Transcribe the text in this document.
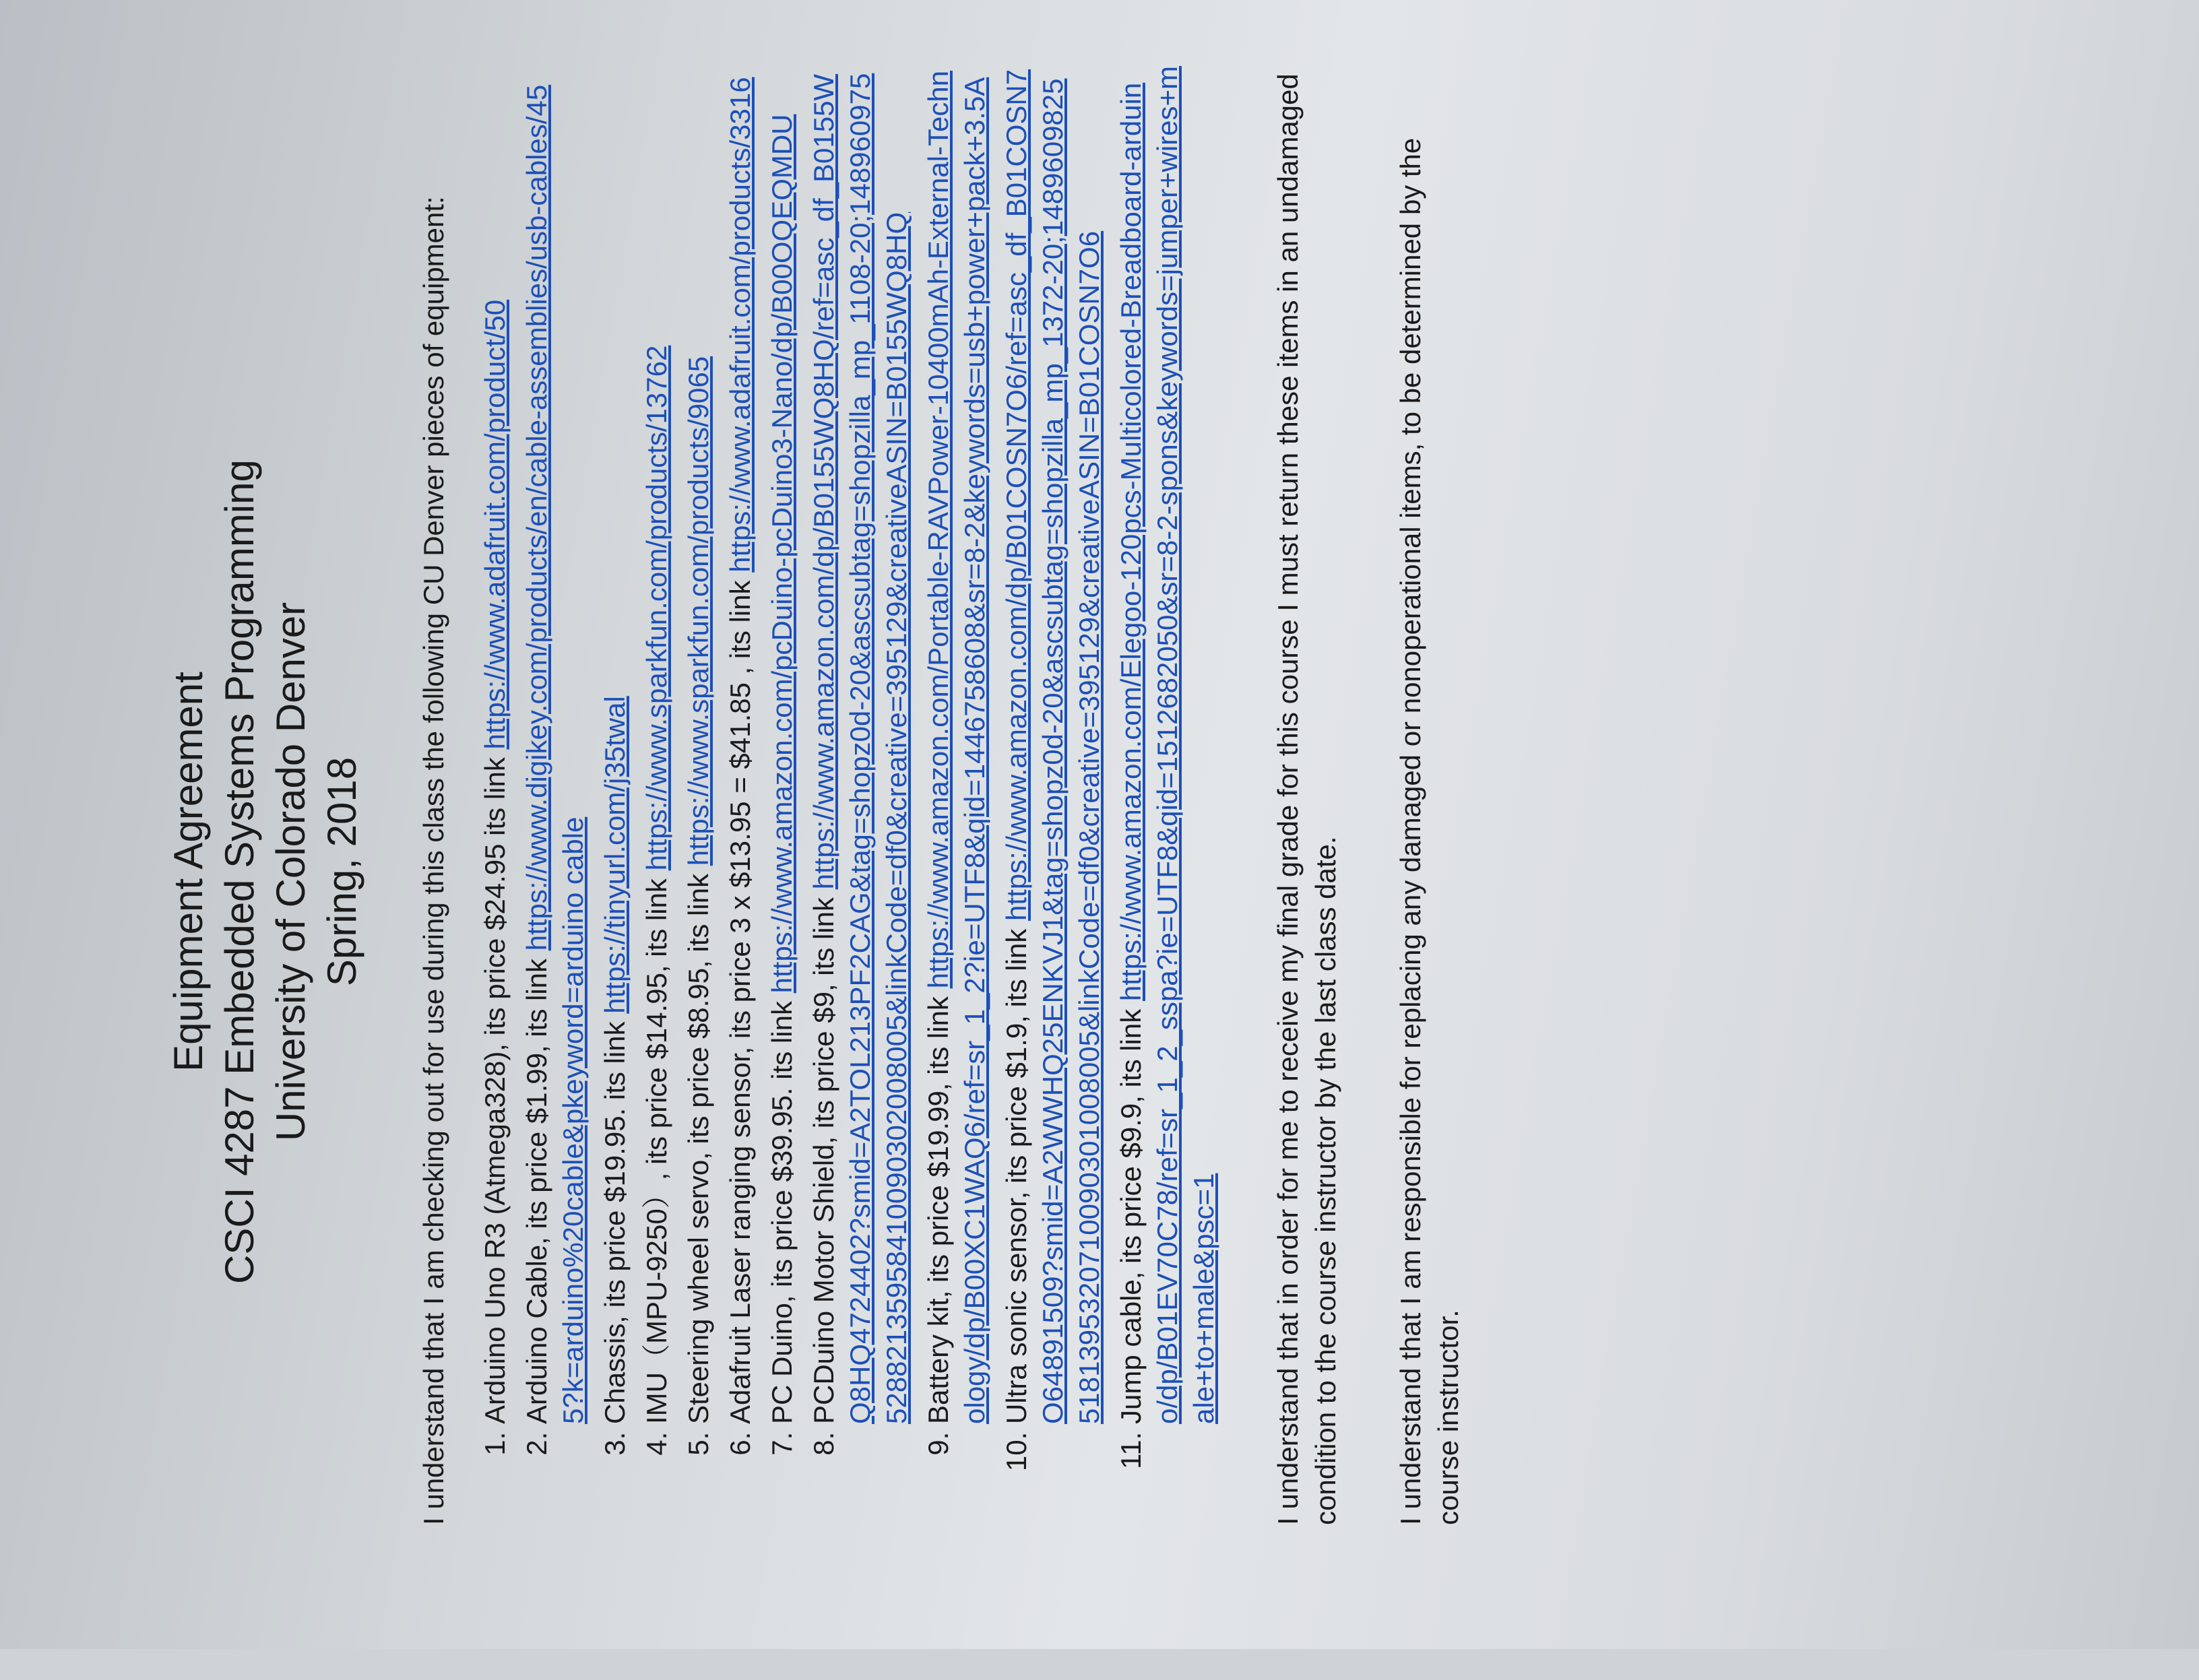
Equipment Agreement CSCI 4287 Embedded Systems Programming University of Colorado Denver Spring, 2018 I understand that I am checking out for use during this class the following CU Denver pieces of equipment: 1. Arduino Uno R3 (Atmega328), its price $24.95 its link https://www.adafruit.com/product/50
2. Arduino Cable, its price $1.99, its link https://www.digikey.com/products/en/cable-assemblies/usb-cables/455?k=arduino%20cable&pkeyword=arduino cable 3. Chassis, its price $19.95. its link https://tinyurl.com/j35twal
4. IMU（MPU-9250）, its price $14.95, its link https://www.sparkfun.com/products/13762
5. Steering wheel servo, its price $8.95, its link https://www.sparkfun.com/products/9065 6. Adafruit Laser ranging sensor, its price 3 x $13.95 = $41.85 , its link https://www.adafruit.com/products/3316
7. PC Duino, its price $39.95. its link https://www.amazon.com/pcDuino-pcDuino3-Nano/dp/B00OQEQMDU
8. PCDuino Motor Shield, its price $9, its link https://www.amazon.com/dp/B0155WQ8HQ/ref=asc_df_B0155WQ8HQ4724402?smid=A2TOL213PF2CAG&tag=shopz0d-20&ascsubtag=shopzilla_mp_1108-20;14896097552882135958410090302008005&linkCode=df0&creative=395129&creativeASIN=B0155WQ8HQ 9. Battery kit, its price $19.99, its link https://www.amazon.com/Portable-RAVPower-10400mAh-External-Technology/dp/B00XC1WAQ6/ref=sr_1_2?ie=UTF8&qid=1446758608&sr=8-2&keywords=usb+power+pack+3.5A 10. Ultra sonic sensor, its price $1.9, its link https://www.amazon.com/dp/B01COSN7O6/ref=asc_df_B01COSN7O64891509?smid=A2WWHQ25ENKVJ1&tag=shopz0d-20&ascsubtag=shopzilla_mp_1372-20;14896098255181395320710090301008005&linkCode=df0&creative=395129&creativeASIN=B01COSN7O6 11. Jump cable, its price $9.9, its link https://www.amazon.com/Elegoo-120pcs-Multicolored-Breadboard-arduino/dp/B01EV70C78/ref=sr_1_2_sspa?ie=UTF8&qid=1512682050&sr=8-2-spons&keywords=jumper+wires+male+to+male&psc=1 I understand that in order for me to receive my final grade for this course I must return these items in an undamaged condition to the course instructor by the last class date. I understand that I am responsible for replacing any damaged or nonoperational items, to be determined by the course instructor.
